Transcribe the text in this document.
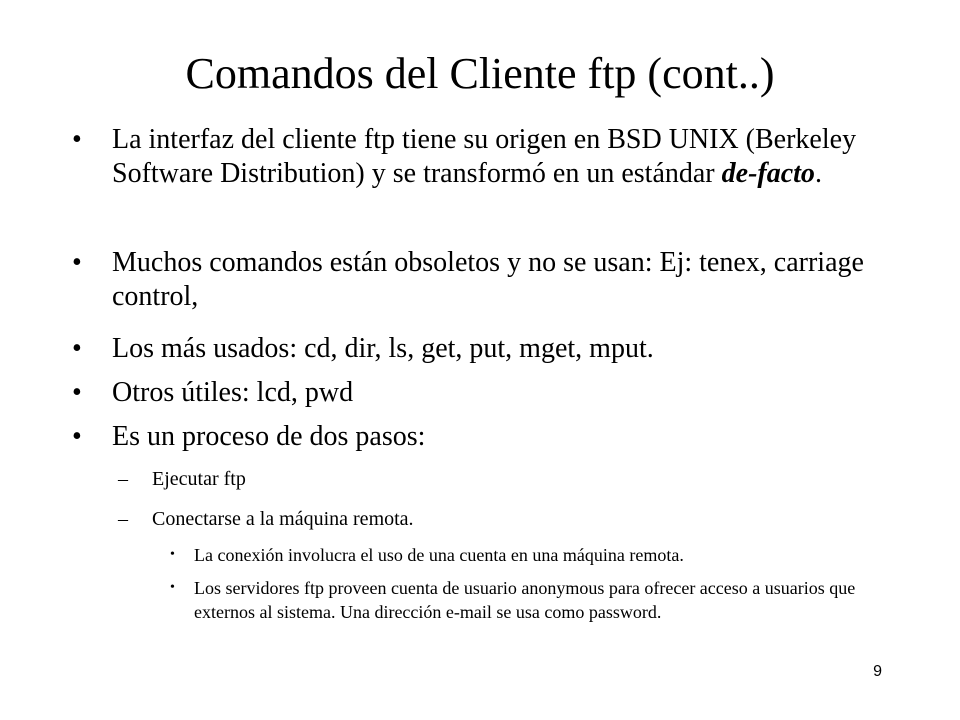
Comandos del Cliente ftp (cont..)
• La interfaz del cliente ftp tiene su origen en BSD UNIX (Berkeley Software Distribution) y se transformó en un estándar de-facto.
• Muchos comandos están obsoletos y no se usan: Ej: tenex, carriage control,
• Los más usados: cd, dir, ls, get, put, mget, mput.
• Otros útiles: lcd, pwd
• Es un proceso de dos pasos:
– Ejecutar ftp
– Conectarse a la máquina remota.
• La conexión involucra el uso de una cuenta en una máquina remota.
• Los servidores ftp proveen cuenta de usuario anonymous para ofrecer acceso a usuarios que externos al sistema. Una dirección e-mail se usa como password.
9
